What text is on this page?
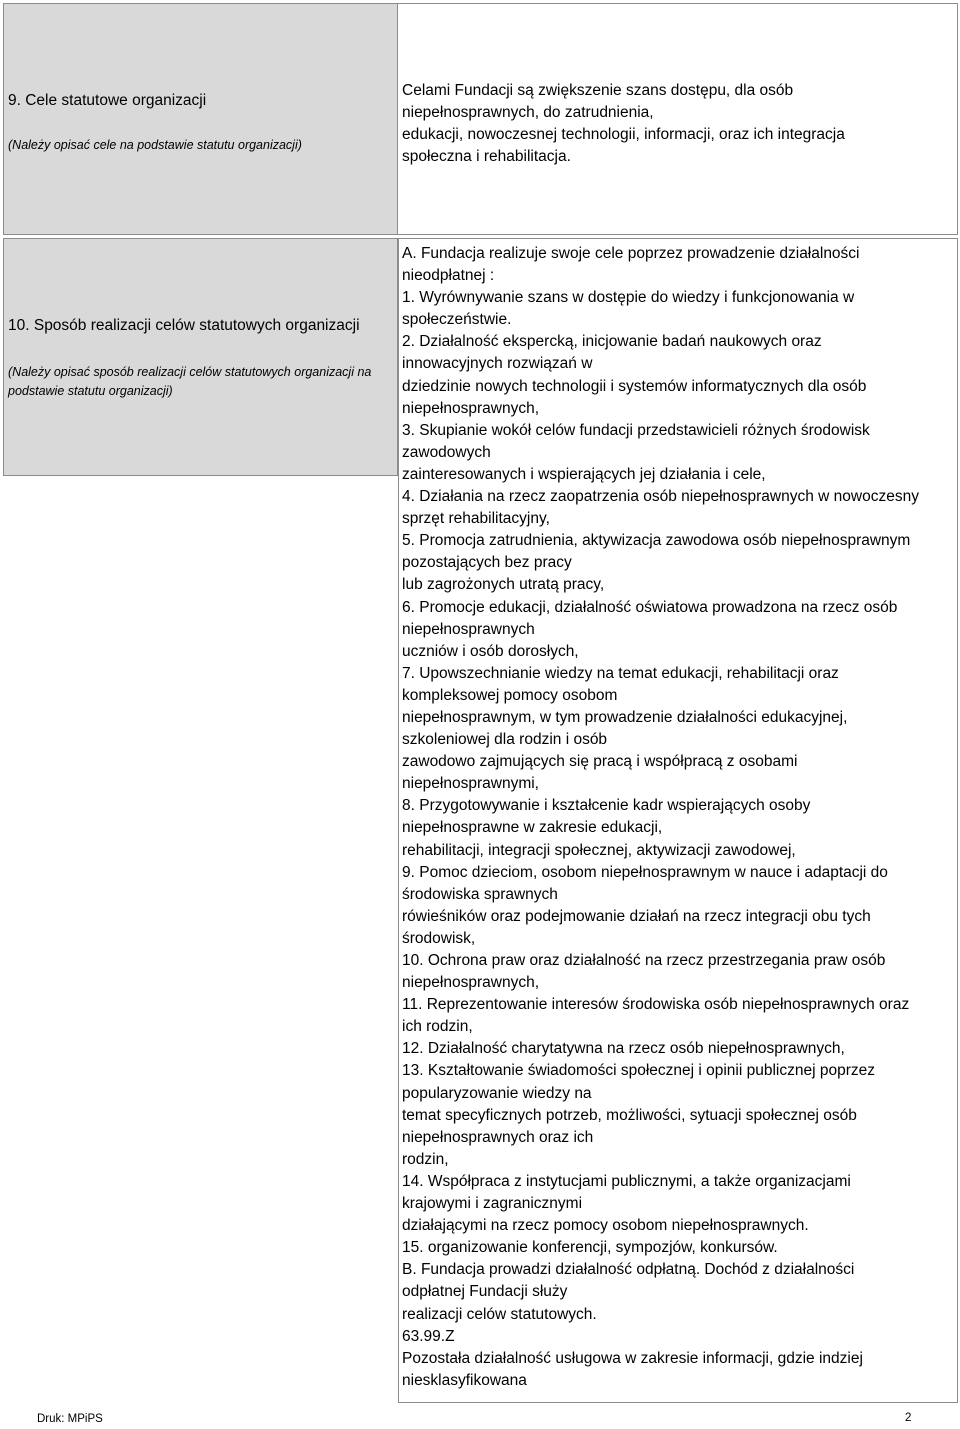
9. Cele statutowe organizacji
(Należy opisać cele na podstawie statutu organizacji)
Celami Fundacji są zwiększenie szans dostępu, dla osób
niepełnosprawnych, do zatrudnienia,
edukacji, nowoczesnej technologii, informacji, oraz ich integracja
społeczna i rehabilitacja.
10. Sposób realizacji celów statutowych organizacji
(Należy opisać sposób realizacji celów statutowych organizacji na podstawie statutu organizacji)
A. Fundacja realizuje swoje cele poprzez prowadzenie działalności
nieodpłatnej :
1. Wyrównywanie szans w dostępie do wiedzy i funkcjonowania w
społeczeństwie.
2. Działalność ekspercką, inicjowanie badań naukowych oraz
innowacyjnych rozwiązań w
dziedzinie nowych technologii i systemów informatycznych dla osób
niepełnosprawnych,
3. Skupianie wokół celów fundacji przedstawicieli różnych środowisk
zawodowych
zainteresowanych i wspierających jej działania i cele,
4. Działania na rzecz zaopatrzenia osób niepełnosprawnych w nowoczesny
sprzęt rehabilitacyjny,
5. Promocja zatrudnienia, aktywizacja zawodowa osób niepełnosprawnym
pozostających bez pracy
lub zagrożonych utratą pracy,
6. Promocje edukacji, działalność oświatowa prowadzona na rzecz osób
niepełnosprawnych
uczniów i osób dorosłych,
7. Upowszechnianie wiedzy na temat edukacji, rehabilitacji oraz
kompleksowej pomocy osobom
niepełnosprawnym, w tym prowadzenie działalności edukacyjnej,
szkoleniowej dla rodzin i osób
zawodowo zajmujących się pracą i współpracą z osobami
niepełnosprawnymi,
8. Przygotowywanie i kształcenie kadr wspierających osoby
niepełnosprawne w zakresie edukacji,
rehabilitacji, integracji społecznej, aktywizacji zawodowej,
9. Pomoc dzieciom, osobom niepełnosprawnym w nauce i adaptacji do
środowiska sprawnych
rówieśników oraz podejmowanie działań na rzecz integracji obu tych
środowisk,
10. Ochrona praw oraz działalność na rzecz przestrzegania praw osób
niepełnosprawnych,
11. Reprezentowanie interesów środowiska osób niepełnosprawnych oraz
ich rodzin,
12. Działalność charytatywna na rzecz osób niepełnosprawnych,
13. Kształtowanie świadomości społecznej i opinii publicznej poprzez
popularyzowanie wiedzy na
temat specyficznych potrzeb, możliwości, sytuacji społecznej osób
niepełnosprawnych oraz ich
rodzin,
14. Współpraca z instytucjami publicznymi, a także organizacjami
krajowymi i zagranicznymi
działającymi na rzecz pomocy osobom niepełnosprawnych.
15. organizowanie konferencji, sympozjów, konkursów.
B. Fundacja prowadzi działalność odpłatną. Dochód z działalności
odpłatnej Fundacji służy
realizacji celów statutowych.
63.99.Z
Pozostała działalność usługowa w zakresie informacji, gdzie indziej
niesklasyfikowana
Druk: MPiPS	2
